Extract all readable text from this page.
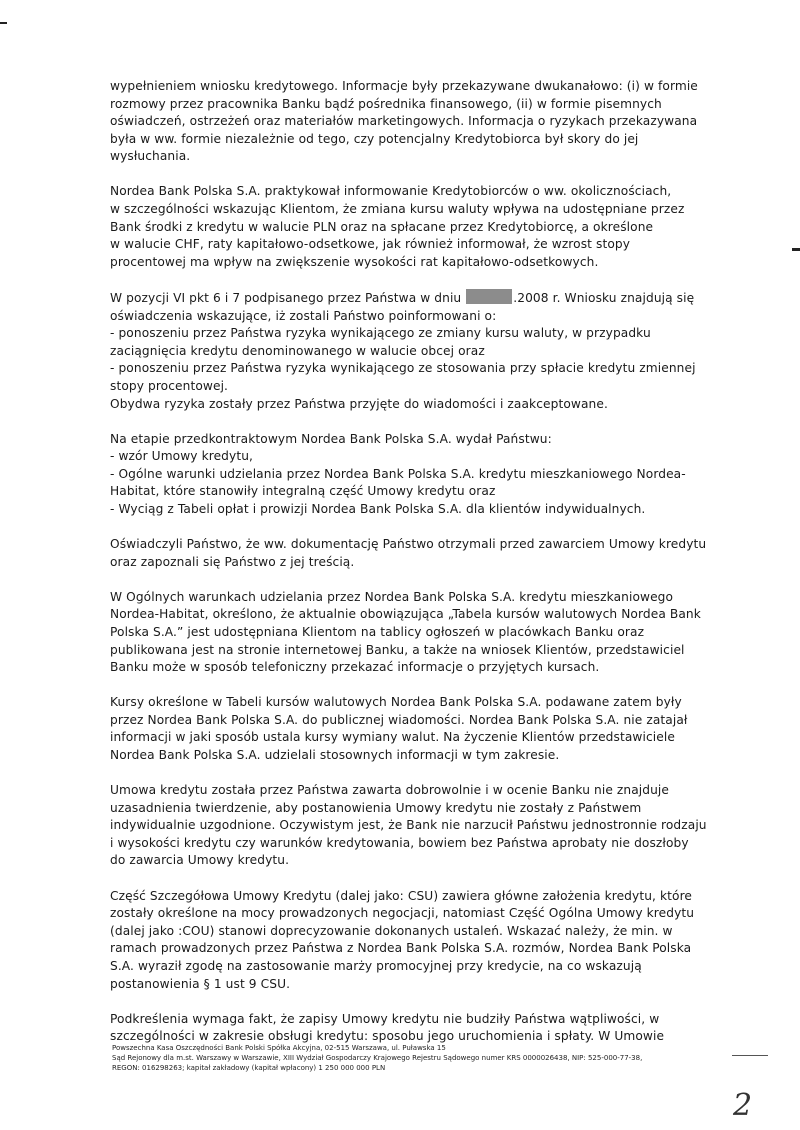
wypełnieniem wniosku kredytowego. Informacje były przekazywane dwukanałowo: (i) w formie
rozmowy przez pracownika Banku bądź pośrednika finansowego, (ii) w formie pisemnych
oświadczeń, ostrzeżeń oraz materiałów marketingowych. Informacja o ryzykach przekazywana
była w ww. formie niezależnie od tego, czy potencjalny Kredytobiorca był skory do jej
wysłuchania.
Nordea Bank Polska S.A. praktykował informowanie Kredytobiorców o ww. okolicznościach,
w szczególności wskazując Klientom, że zmiana kursu waluty wpływa na udostępniane przez
Bank środki z kredytu w walucie PLN oraz na spłacane przez Kredytobiorcę, a określone
w walucie CHF, raty kapitałowo-odsetkowe, jak również informował, że wzrost stopy
procentowej ma wpływ na zwiększenie wysokości rat kapitałowo-odsetkowych.
W pozycji VI pkt 6 i 7 podpisanego przez Państwa w dniu	.2008 r. Wniosku znajdują się
oświadczenia wskazujące, iż zostali Państwo poinformowani o:
- ponoszeniu przez Państwa ryzyka wynikającego ze zmiany kursu waluty, w przypadku
zaciągnięcia kredytu denominowanego w walucie obcej oraz
- ponoszeniu przez Państwa ryzyka wynikającego ze stosowania przy spłacie kredytu zmiennej
stopy procentowej.
Obydwa ryzyka zostały przez Państwa przyjęte do wiadomości i zaakceptowane.
Na etapie przedkontraktowym Nordea Bank Polska S.A. wydał Państwu:
- wzór Umowy kredytu,
- Ogólne warunki udzielania przez Nordea Bank Polska S.A. kredytu mieszkaniowego Nordea-
Habitat, które stanowiły integralną część Umowy kredytu oraz
- Wyciąg z Tabeli opłat i prowizji Nordea Bank Polska S.A. dla klientów indywidualnych.
Oświadczyli Państwo, że ww. dokumentację Państwo otrzymali przed zawarciem Umowy kredytu
oraz zapoznali się Państwo z jej treścią.
W Ogólnych warunkach udzielania przez Nordea Bank Polska S.A. kredytu mieszkaniowego
Nordea-Habitat, określono, że aktualnie obowiązująca „Tabela kursów walutowych Nordea Bank
Polska S.A.” jest udostępniana Klientom na tablicy ogłoszeń w placówkach Banku oraz
publikowana jest na stronie internetowej Banku, a także na wniosek Klientów, przedstawiciel
Banku może w sposób telefoniczny przekazać informacje o przyjętych kursach.
Kursy określone w Tabeli kursów walutowych Nordea Bank Polska S.A. podawane zatem były
przez Nordea Bank Polska S.A. do publicznej wiadomości. Nordea Bank Polska S.A. nie zatajał
informacji w jaki sposób ustala kursy wymiany walut. Na życzenie Klientów przedstawiciele
Nordea Bank Polska S.A. udzielali stosownych informacji w tym zakresie.
Umowa kredytu została przez Państwa zawarta dobrowolnie i w ocenie Banku nie znajduje
uzasadnienia twierdzenie, aby postanowienia Umowy kredytu nie zostały z Państwem
indywidualnie uzgodnione. Oczywistym jest, że Bank nie narzucił Państwu jednostronnie rodzaju
i wysokości kredytu czy warunków kredytowania, bowiem bez Państwa aprobaty nie doszłoby
do zawarcia Umowy kredytu.
Część Szczegółowa Umowy Kredytu (dalej jako: CSU) zawiera główne założenia kredytu, które
zostały określone na mocy prowadzonych negocjacji, natomiast Część Ogólna Umowy kredytu
(dalej jako :COU) stanowi doprecyzowanie dokonanych ustaleń. Wskazać należy, że min. w
ramach prowadzonych przez Państwa z Nordea Bank Polska S.A. rozmów, Nordea Bank Polska
S.A. wyraził zgodę na zastosowanie marży promocyjnej przy kredycie, na co wskazują
postanowienia § 1 ust 9 CSU.
Podkreślenia wymaga fakt, że zapisy Umowy kredytu nie budziły Państwa wątpliwości, w
szczególności w zakresie obsługi kredytu: sposobu jego uruchomienia i spłaty. W Umowie
Powszechna Kasa Oszczędności Bank Polski Spółka Akcyjna, 02-515 Warszawa, ul. Puławska 15
Sąd Rejonowy dla m.st. Warszawy w Warszawie, XIII Wydział Gospodarczy Krajowego Rejestru Sądowego numer KRS 0000026438, NIP: 525-000-77-38,
REGON: 016298263; kapitał zakładowy (kapitał wpłacony) 1 250 000 000 PLN
2
